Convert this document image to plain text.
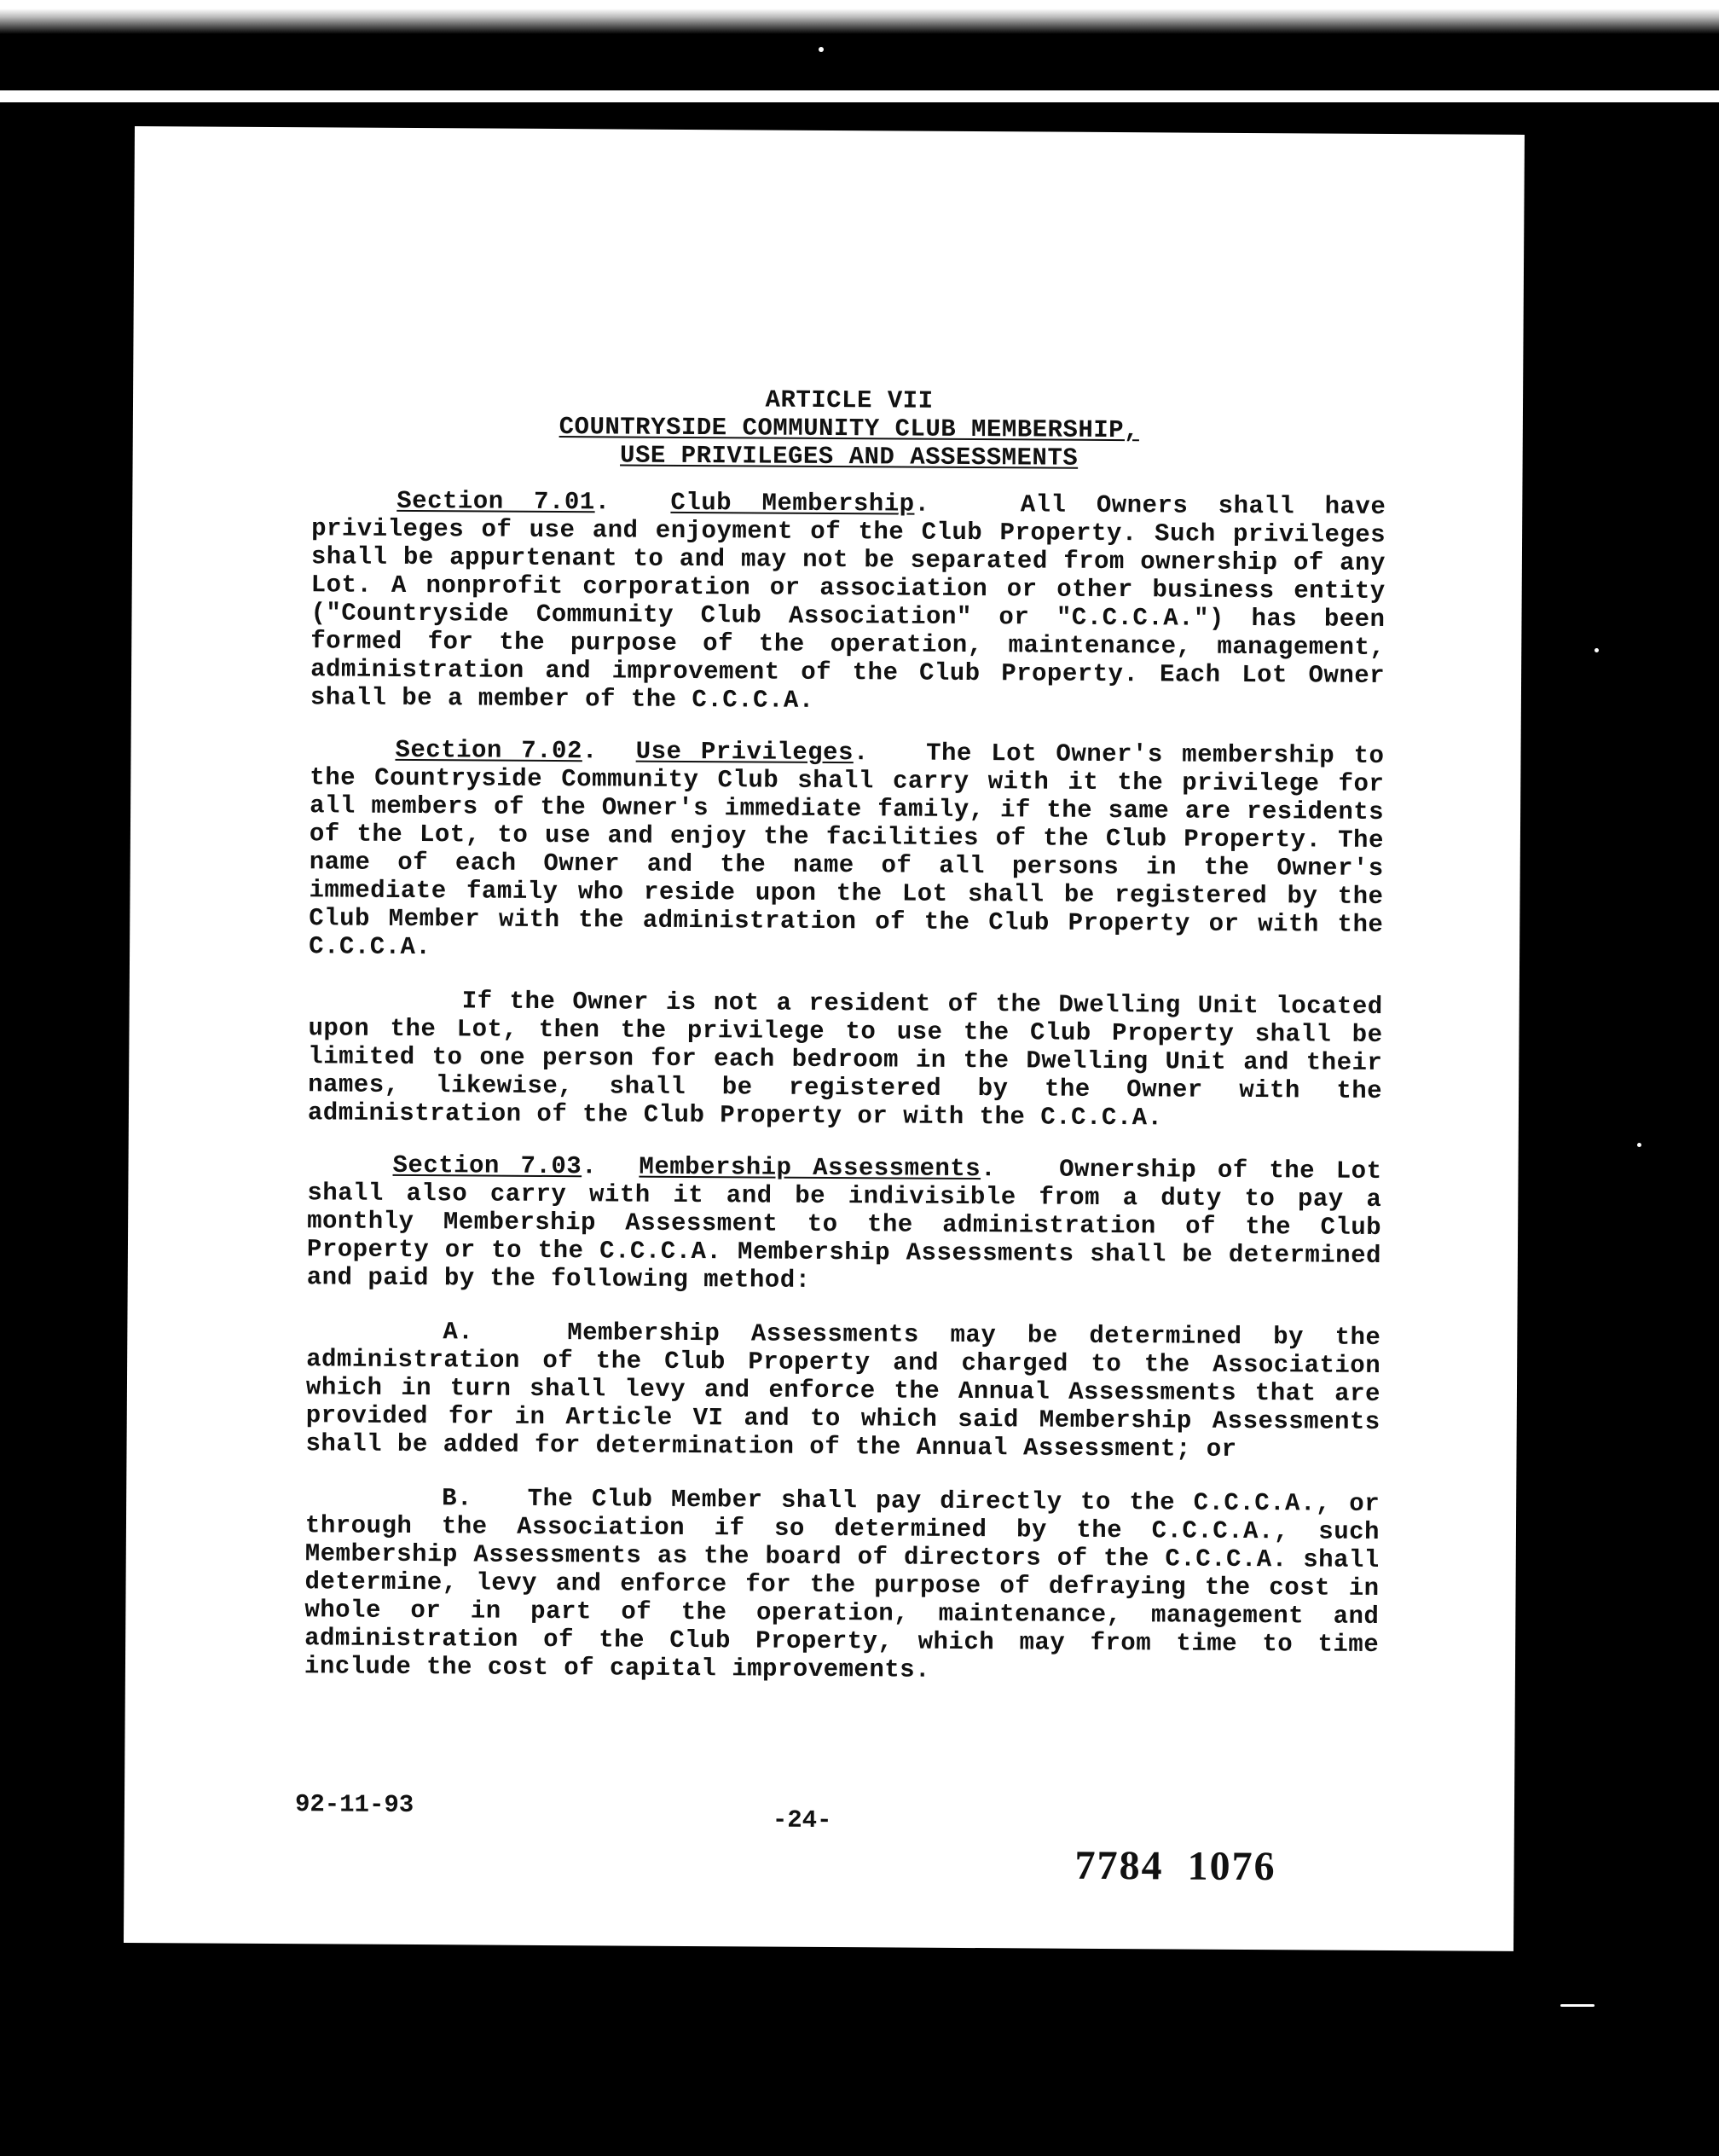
ARTICLE VII
COUNTRYSIDE COMMUNITY CLUB MEMBERSHIP,
USE PRIVILEGES AND ASSESSMENTS

Section 7.01.  Club Membership.   All Owners shall have privileges of use and enjoyment of the Club Property. Such privileges shall be appurtenant to and may not be separated from ownership of any Lot. A nonprofit corporation or association or other business entity ("Countryside Community Club Association" or "C.C.C.A.") has been formed for the purpose of the operation, maintenance, management, administration and improvement of the Club Property. Each Lot Owner shall be a member of the C.C.C.A.

Section 7.02.  Use Privileges.   The Lot Owner's membership to the Countryside Community Club shall carry with it the privilege for all members of the Owner's immediate family, if the same are residents of the Lot, to use and enjoy the facilities of the Club Property. The name of each Owner and the name of all persons in the Owner's immediate family who reside upon the Lot shall be registered by the Club Member with the administration of the Club Property or with the C.C.C.A.

If the Owner is not a resident of the Dwelling Unit located upon the Lot, then the privilege to use the Club Property shall be limited to one person for each bedroom in the Dwelling Unit and their names, likewise, shall be registered by the Owner with the administration of the Club Property or with the C.C.C.A.

Section 7.03.  Membership Assessments.   Ownership of the Lot shall also carry with it and be indivisible from a duty to pay a monthly Membership Assessment to the administration of the Club Property or to the C.C.C.A. Membership Assessments shall be determined and paid by the following method:

A.	Membership Assessments may be determined by the administration of the Club Property and charged to the Association which in turn shall levy and enforce the Annual Assessments that are provided for in Article VI and to which said Membership Assessments shall be added for determination of the Annual Assessment; or

B. The Club Member shall pay directly to the C.C.C.A., or through the Association if so determined by the C.C.C.A., such Membership Assessments as the board of directors of the C.C.C.A. shall determine, levy and enforce for the purpose of defraying the cost in whole or in part of the operation, maintenance, management and administration of the Club Property, which may from time to time include the cost of capital improvements.

92-11-93
-24-
7784  1076
